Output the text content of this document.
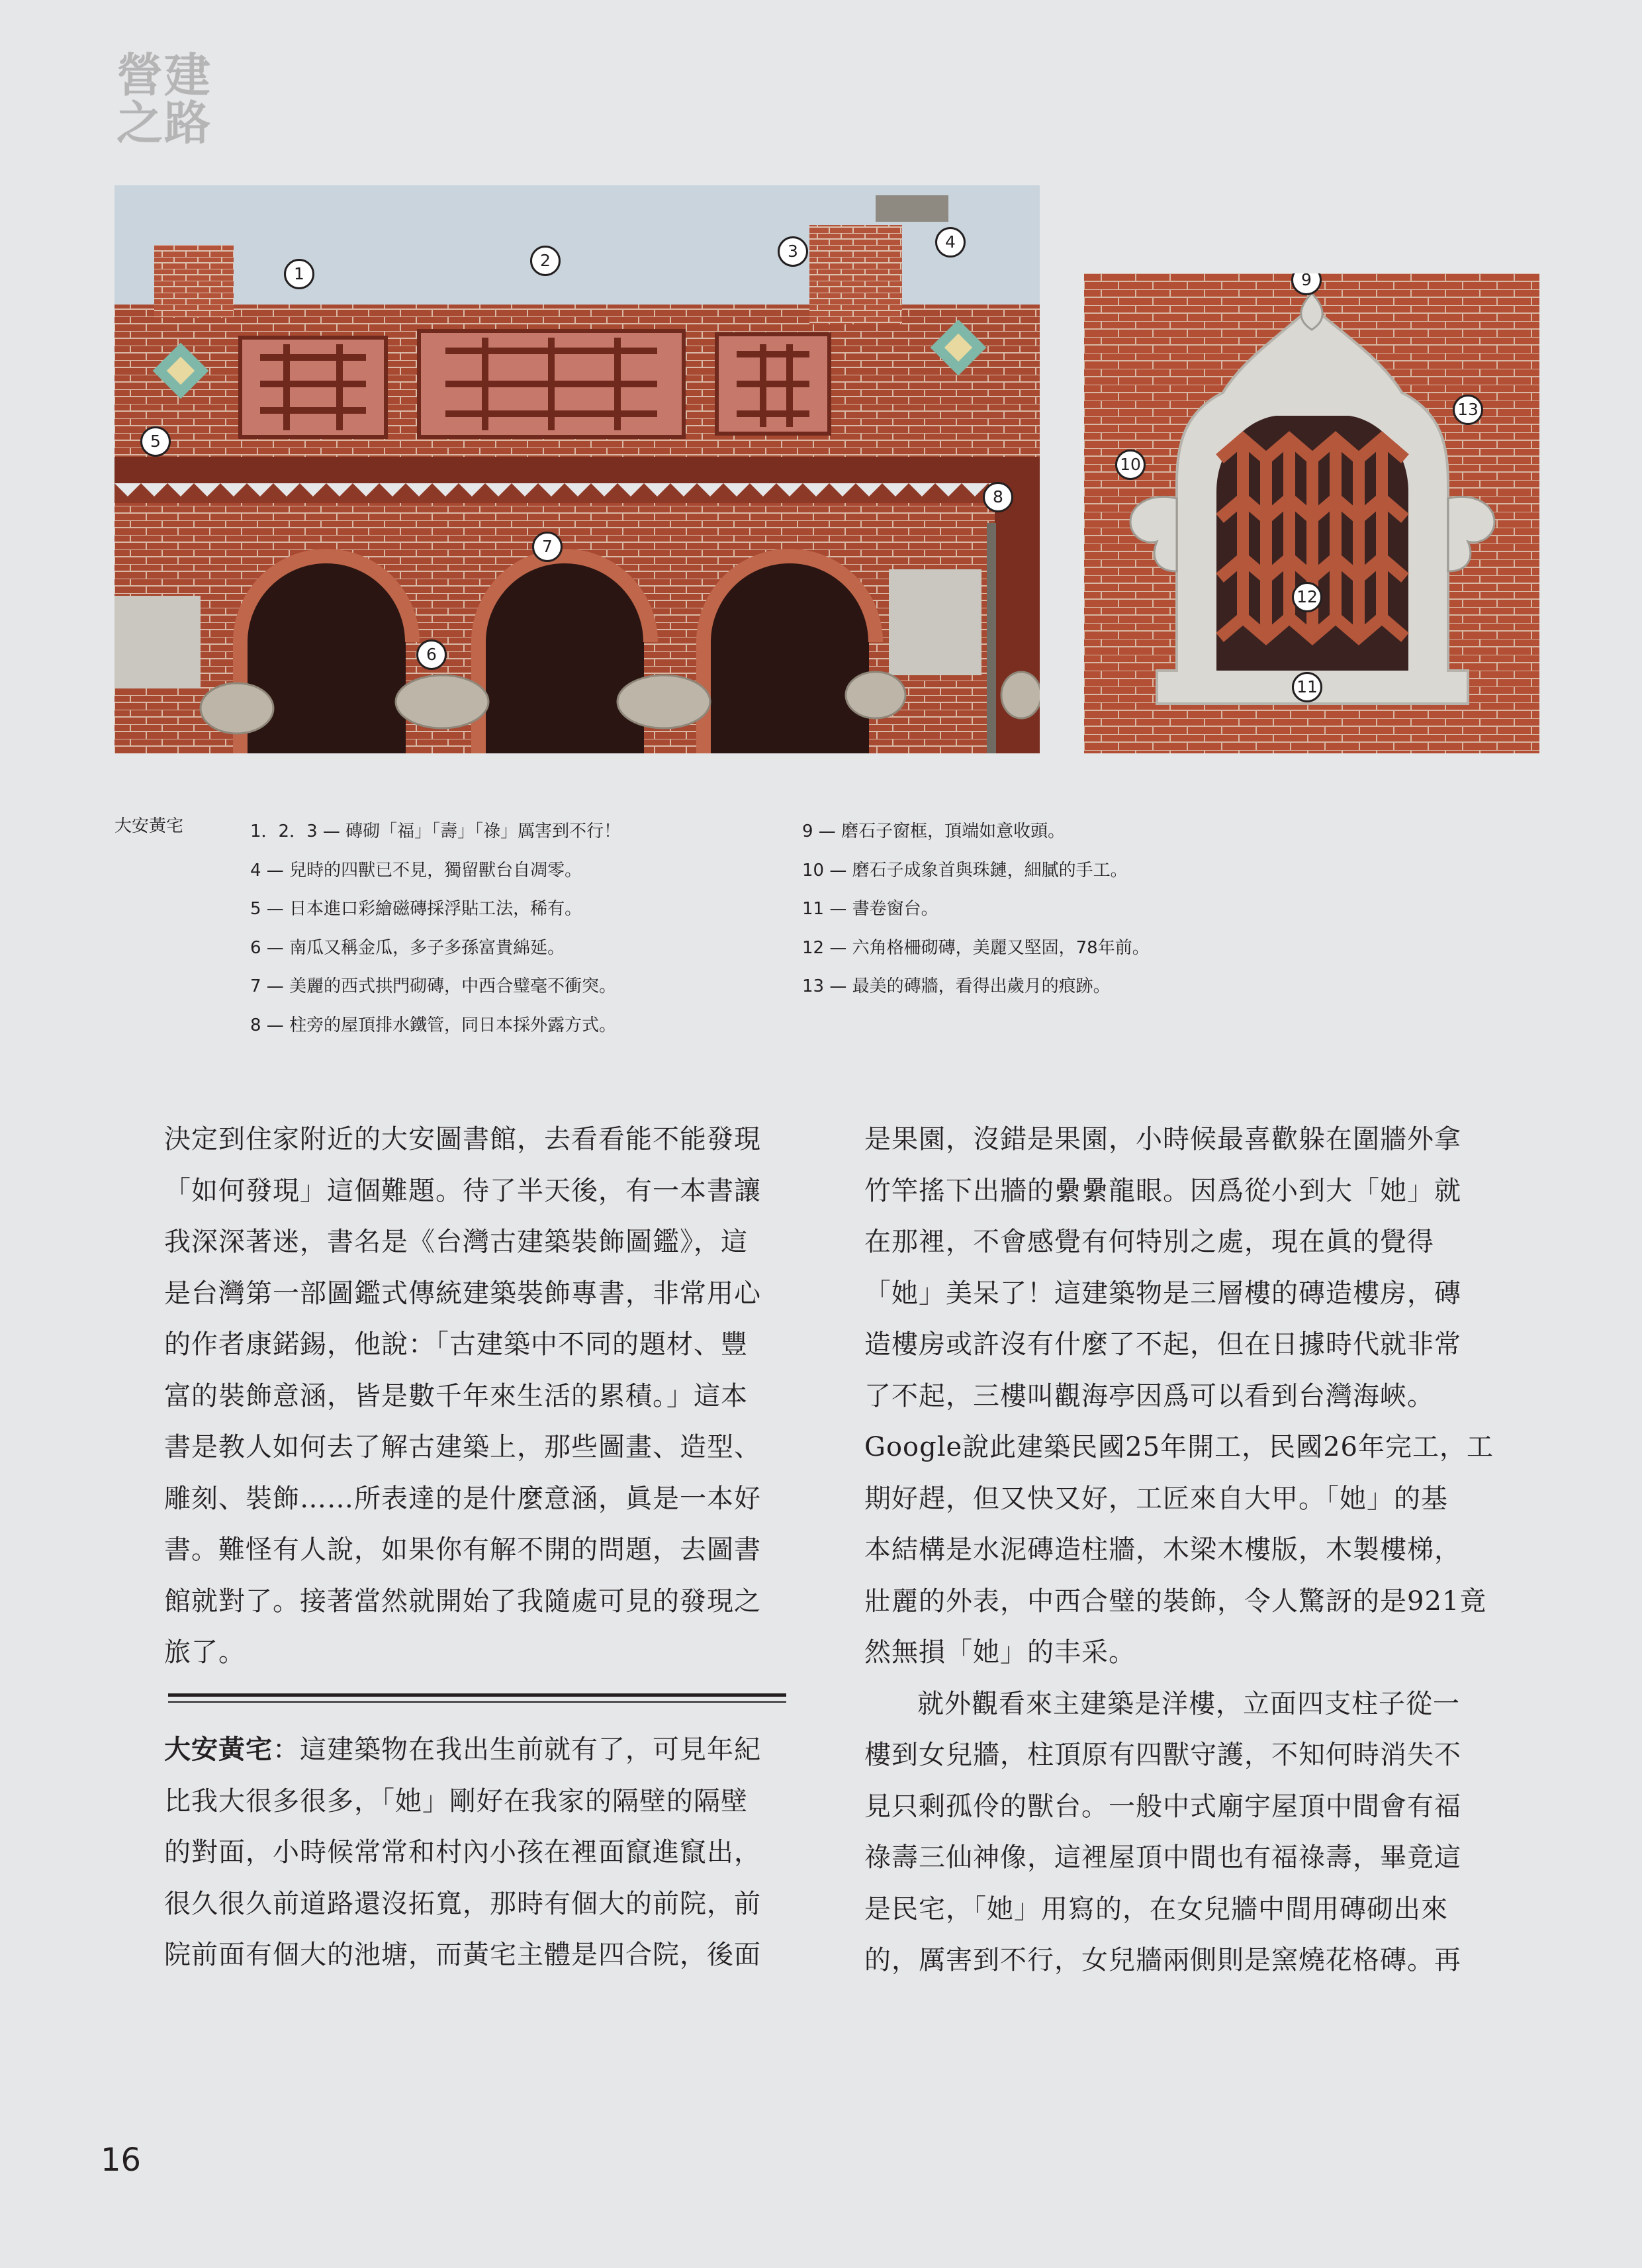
營建
之路
1
2	3	4
5
6
7
8
9
10
11
12
13
大安黃宅	1．2．3 — 磚砌「福」「壽」「祿」厲害到不行！
4 — 兒時的四獸已不見，獨留獸台自凋零。
5 — 日本進口彩繪磁磚採浮貼工法，稀有。
6 — 南瓜又稱金瓜，多子多孫富貴綿延。
7 — 美麗的西式拱門砌磚，中西合璧毫不衝突。
8 — 柱旁的屋頂排水鐵管，同日本採外露方式。
9 — 磨石子窗框，頂端如意收頭。
10 — 磨石子成象首與珠鏈，細膩的手工。
11 — 書卷窗台。
12 — 六角格柵砌磚，美麗又堅固，78年前。
13 — 最美的磚牆，看得出歲月的痕跡。

決定到住家附近的大安圖書館，去看看能不能發現

「如何發現」這個難題。待了半天後，有一本書讓

我深深著迷，書名是《台灣古建築裝飾圖鑑》，這

是台灣第一部圖鑑式傳統建築裝飾專書，非常用心

的作者康鍩錫，他說：「古建築中不同的題材、豐

富的裝飾意涵，皆是數千年來生活的累積。」這本

書是教人如何去了解古建築上，那些圖畫、造型、

雕刻、裝飾……所表達的是什麼意涵，眞是一本好

書。難怪有人說，如果你有解不開的問題，去圖書

館就對了。接著當然就開始了我隨處可見的發現之

旅了。

大安黃宅：這建築物在我出生前就有了，可見年紀

比我大很多很多，「她」剛好在我家的隔壁的隔壁

的對面，小時候常常和村內小孩在裡面竄進竄出，

很久很久前道路還沒拓寬，那時有個大的前院，前

院前面有個大的池塘，而黃宅主體是四合院，後面

是果園，沒錯是果園，小時候最喜歡躲在圍牆外拿

竹竿搖下出牆的纍纍龍眼。因爲從小到大「她」就

在那裡，不會感覺有何特別之處，現在眞的覺得

「她」美呆了！這建築物是三層樓的磚造樓房，磚

造樓房或許沒有什麼了不起，但在日據時代就非常

了不起，三樓叫觀海亭因爲可以看到台灣海峽。

Google說此建築民國25年開工，民國26年完工，工

期好趕，但又快又好，工匠來自大甲。「她」的基

本結構是水泥磚造柱牆，木梁木樓版，木製樓梯，

壯麗的外表，中西合璧的裝飾，令人驚訝的是921竟

然無損「她」的丰采。

就外觀看來主建築是洋樓，立面四支柱子從一

樓到女兒牆，柱頂原有四獸守護，不知何時消失不

見只剩孤伶的獸台。一般中式廟宇屋頂中間會有福

祿壽三仙神像，這裡屋頂中間也有福祿壽，畢竟這

是民宅，「她」用寫的，在女兒牆中間用磚砌出來

的，厲害到不行，女兒牆兩側則是窯燒花格磚。再

16
